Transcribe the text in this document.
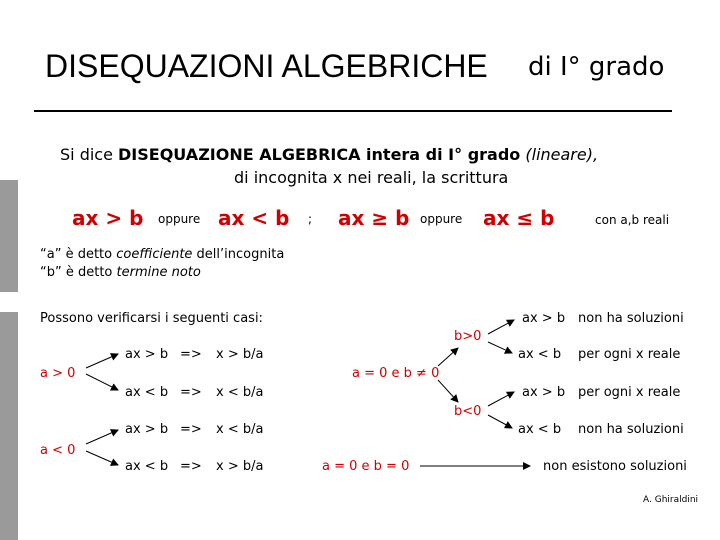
DISEQUAZIONI ALGEBRICHE di I° grado
Si dice DISEQUAZIONE ALGEBRICA intera di I° grado (lineare),
di incognita x nei reali, la scrittura
ax > b oppure ax < b ; ax ≥ b oppure ax ≤ b	con a,b reali
“a” è detto coefficiente dell’incognita
“b” è detto termine noto
Possono verificarsi i seguenti casi:
a > 0
a < 0
ax > b => x > b/a
ax < b => x < b/a
ax > b => x < b/a
ax < b => x > b/a
a = 0 e b ≠ 0
b>0
b<0
a = 0 e b = 0
ax > b non ha soluzioni
ax < b per ogni x reale
ax > b per ogni x reale
ax < b non ha soluzioni
non esistono soluzioni
A. Ghiraldini
